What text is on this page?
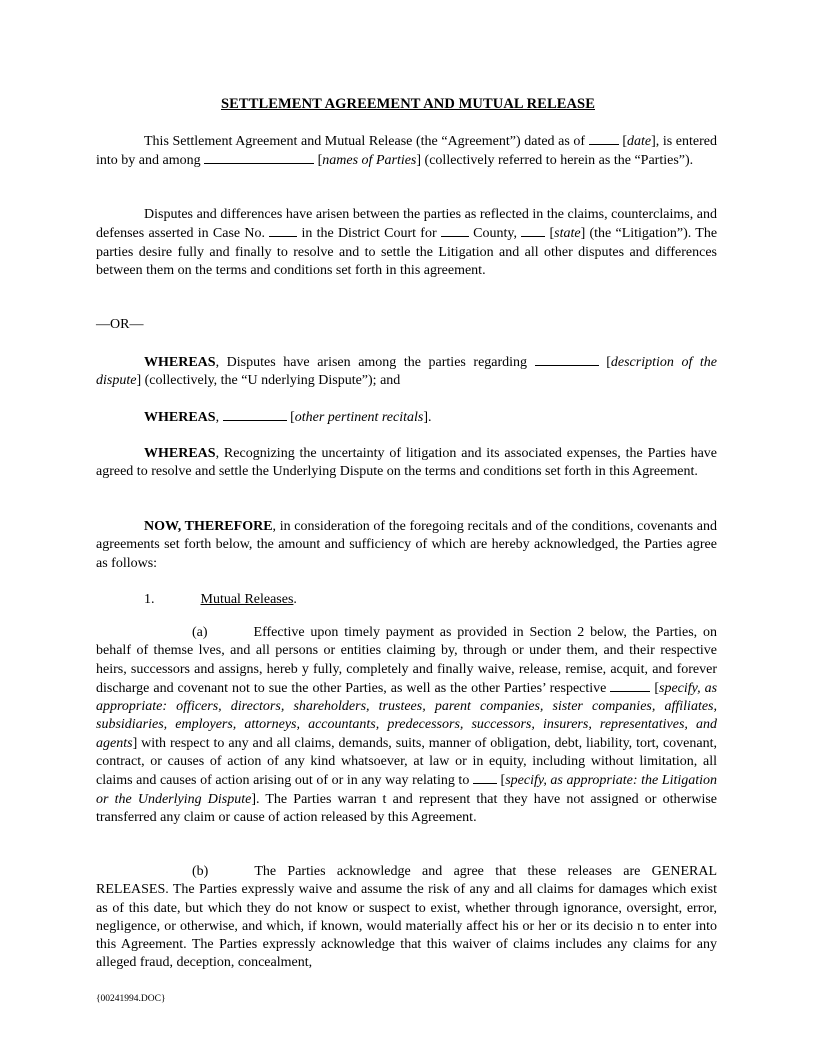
SETTLEMENT AGREEMENT AND MUTUAL RELEASE
This Settlement Agreement and Mutual Release (the “Agreement”) dated as of	[date], is entered into by and among	[names of Parties] (collectively referred to herein as the “Parties”).
Disputes and differences have arisen between the parties as reflected in the claims, counterclaims, and defenses asserted in Case No.	in the District Court for	County, [state] (the “Litigation”). The parties desire fully and finally to resolve and to settle the Litigation and all other disputes and differences between them on the terms and conditions set forth in this agreement.
—OR—
WHEREAS, Disputes have arisen among the parties regarding	[description of the dispute] (collectively, the “U nderlying Dispute”); and
WHEREAS,	[other pertinent recitals].
WHEREAS, Recognizing the uncertainty of litigation and its associated expenses, the Parties have agreed to resolve and settle the Underlying Dispute on the terms and conditions set forth in this Agreement.
NOW, THEREFORE, in consideration of the foregoing recitals and of the conditions, covenants and agreements set forth below, the amount and sufficiency of which are hereby acknowledged, the Parties agree as follows:
1.	Mutual Releases.
(a)	Effective upon timely payment as provided in Section 2 below, the Parties, on behalf of themse lves, and all persons or entities claiming by, through or under them, and their respective heirs, successors and assigns, hereb y fully, completely and finally waive, release, remise, acquit, and forever discharge and covenant not to sue the other Parties, as well as the other Parties’ respective	[specify, as appropriate: officers, directors, shareholders, trustees, parent companies, sister companies, affiliates, subsidiaries, employers, attorneys, accountants, predecessors, successors, insurers, representatives, and agents] with respect to any and all claims, demands, suits, manner of obligation, debt, liability, tort, covenant, contract, or causes of action of any kind whatsoever, at law or in equity, including without limitation, all claims and causes of action arising out of or in any way relating to [specify, as appropriate: the Litigation or the Underlying Dispute]. The Parties warran t and represent that they have not assigned or otherwise transferred any claim or cause of action released by this Agreement.
(b)	The Parties acknowledge and agree that these releases are GENERAL RELEASES. The Parties expressly waive and assume the risk of any and all claims for damages which exist as of this date, but which they do not know or suspect to exist, whether through ignorance, oversight, error, negligence, or otherwise, and which, if known, would materially affect his or her or its decisio n to enter into this Agreement. The Parties expressly acknowledge that this waiver of claims includes any claims for any alleged fraud, deception, concealment,
{00241994.DOC}
